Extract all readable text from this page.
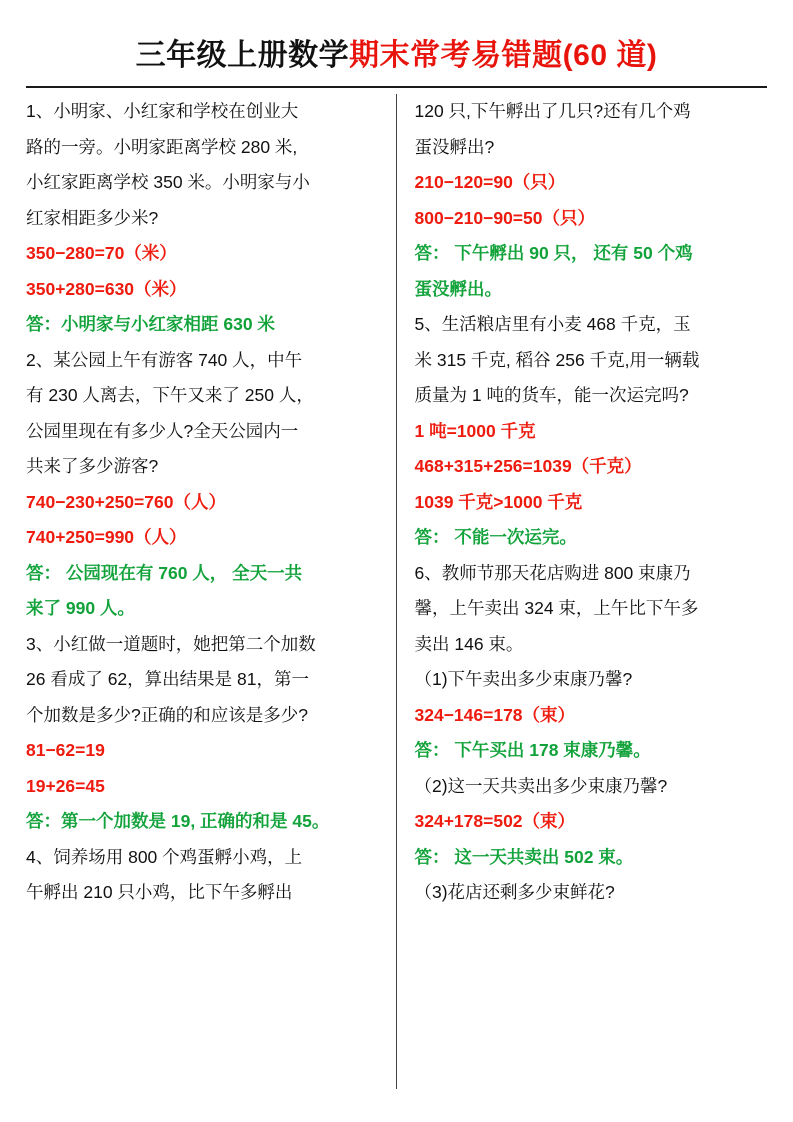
三年级上册数学期末常考易错题(60 道)
1、小明家、小红家和学校在创业大
路的一旁。小明家距离学校 280 米,
小红家距离学校 350 米。小明家与小
红家相距多少米?
350−280=70（米）
350+280=630（米）
答：小明家与小红家相距 630 米
2、某公园上午有游客 740 人，中午
有 230 人离去，下午又来了 250 人，
公园里现在有多少人?全天公园内一
共来了多少游客?
740−230+250=760（人）
740+250=990（人）
答： 公园现在有 760 人， 全天一共
来了 990 人。
3、小红做一道题时，她把第二个加数
26 看成了 62，算出结果是 81，第一
个加数是多少?正确的和应该是多少?
81−62=19
19+26=45
答：第一个加数是 19, 正确的和是 45。
4、饲养场用 800 个鸡蛋孵小鸡，上
午孵出 210 只小鸡，比下午多孵出
120 只,下午孵出了几只?还有几个鸡
蛋没孵出?
210−120=90（只）
800−210−90=50（只）
答： 下午孵出 90 只， 还有 50 个鸡
蛋没孵出。
5、生活粮店里有小麦 468 千克，玉
米 315 千克, 稻谷 256 千克,用一辆载
质量为 1 吨的货车，能一次运完吗?
1 吨=1000 千克
468+315+256=1039（千克）
1039 千克>1000 千克
答： 不能一次运完。
6、教师节那天花店购进 800 束康乃
馨，上午卖出 324 束，上午比下午多
卖出 146 束。
（1)下午卖出多少束康乃馨?
324−146=178（束）
答： 下午买出 178 束康乃馨。
（2)这一天共卖出多少束康乃馨?
324+178=502（束）
答： 这一天共卖出 502 束。
（3)花店还剩多少束鲜花?
